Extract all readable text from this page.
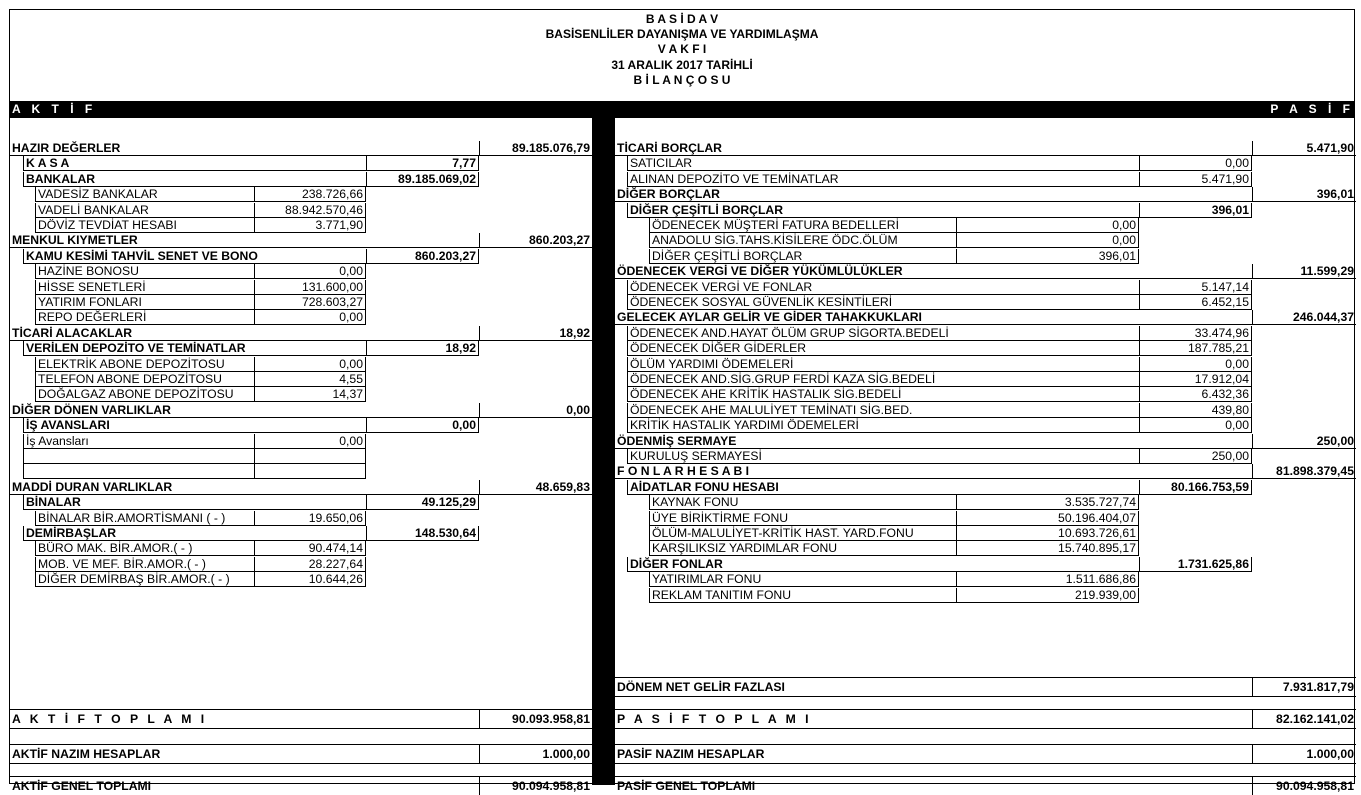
B A S İ D A V
BASİSENLİLER DAYANIŞMA VE YARDIMLAŞMA
V A K F I
31 ARALIK 2017 TARİHLİ
B İ L A N Ç O S U
A K T İ F	P A S İ F
HAZIR DEĞERLER	89.185.076,79
K A S A	7,77
BANKALAR	89.185.069,02
VADESİZ BANKALAR	238.726,66
VADELİ BANKALAR	88.942.570,46
DÖVİZ TEVDİAT HESABI	3.771,90
MENKUL KIYMETLER	860.203,27
KAMU KESİMİ TAHVİL SENET VE BONO	860.203,27
HAZİNE BONOSU	0,00
HİSSE SENETLERİ	131.600,00
YATIRIM FONLARI	728.603,27
REPO DEĞERLERİ	0,00
TİCARİ ALACAKLAR	18,92
VERİLEN DEPOZİTO VE TEMİNATLAR	18,92
ELEKTRİK ABONE DEPOZİTOSU	0,00
TELEFON ABONE DEPOZİTOSU	4,55
DOĞALGAZ ABONE DEPOZİTOSU	14,37
DİĞER DÖNEN VARLIKLAR	0,00
İŞ AVANSLARI	0,00
İş Avansları	0,00
MADDİ DURAN VARLIKLAR	48.659,83
BİNALAR	49.125,29
BİNALAR BİR.AMORTİSMANI ( - )	19.650,06
DEMİRBAŞLAR	148.530,64
BÜRO MAK. BİR.AMOR.( - )	90.474,14
MOB. VE MEF. BİR.AMOR.( - )	28.227,64
DİĞER DEMİRBAŞ BİR.AMOR.( - )	10.644,26
A K T İ F T O P L A M I	90.093.958,81
AKTİF NAZIM HESAPLAR	1.000,00
AKTİF GENEL TOPLAMI	90.094.958,81
TİCARİ BORÇLAR	5.471,90
SATICILAR	0,00
ALINAN DEPOZİTO VE TEMİNATLAR	5.471,90
DİĞER BORÇLAR	396,01
DİĞER ÇEŞİTLİ BORÇLAR	396,01
ÖDENECEK MÜŞTERİ FATURA BEDELLERİ	0,00
ANADOLU SİG.TAHS.KİSİLERE ÖDC.ÖLÜM	0,00
DİĞER ÇEŞİTLİ BORÇLAR	396,01
ÖDENECEK VERGİ VE DİĞER YÜKÜMLÜLÜKLER	11.599,29
ÖDENECEK VERGİ VE FONLAR	5.147,14
ÖDENECEK SOSYAL GÜVENLİK KESİNTİLERİ	6.452,15
GELECEK AYLAR GELİR VE GİDER TAHAKKUKLARI	246.044,37
ÖDENECEK AND.HAYAT ÖLÜM GRUP SİGORTA.BEDELİ	33.474,96
ÖDENECEK DİĞER GİDERLER	187.785,21
ÖLÜM YARDIMI ÖDEMELERİ	0,00
ÖDENECEK AND.SİG.GRUP FERDİ KAZA SİG.BEDELİ	17.912,04
ÖDENECEK AHE KRİTİK HASTALIK SİG.BEDELİ	6.432,36
ÖDENECEK AHE MALULİYET TEMİNATI SİG.BED.	439,80
KRİTİK HASTALIK YARDIMI ÖDEMELERİ	0,00
ÖDENMİŞ SERMAYE	250,00
KURULUŞ SERMAYESİ	250,00
F O N L A R H E S A B I	81.898.379,45
AİDATLAR FONU HESABI	80.166.753,59
KAYNAK FONU	3.535.727,74
ÜYE BİRİKTİRME FONU	50.196.404,07
ÖLÜM-MALULİYET-KRİTİK HAST. YARD.FONU	10.693.726,61
KARŞILIKSIZ YARDIMLAR FONU	15.740.895,17
DİĞER FONLAR	1.731.625,86
YATIRIMLAR FONU	1.511.686,86
REKLAM TANITIM FONU	219.939,00
DÖNEM NET GELİR FAZLASI	7.931.817,79
P A S İ F T O P L A M I	82.162.141,02
PASİF NAZIM HESAPLAR	1.000,00
PASİF GENEL TOPLAMI	90.094.958,81
